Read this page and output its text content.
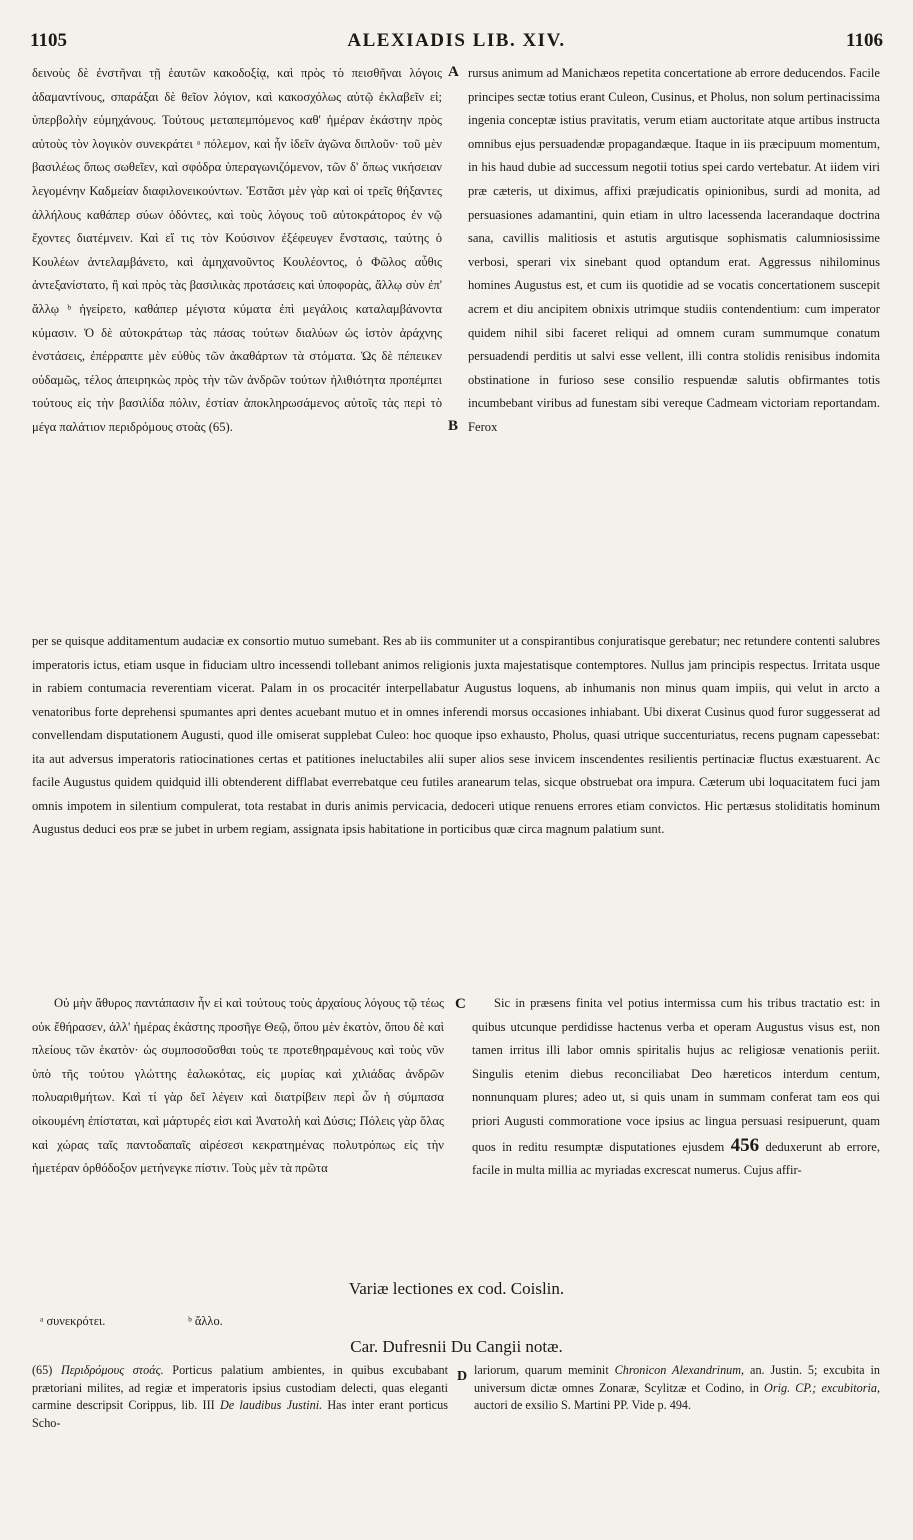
1105	ALEXIADIS LIB. XIV.	1106

δεινοὺς δὲ ἐνστῆναι τῇ ἑαυτῶν κακοδοξίᾳ, καὶ πρὸς τὸ πεισθῆναι λόγοις ἀδαμαντίνους, σπαράξαι δὲ θεῖον λόγιον, καὶ κακοσχόλως αὐτῷ ἐκλαβεῖν εἰ; ὑπερβολὴν εὐμηχάνους. Τούτους μεταπεμπόμενος καθ' ἡμέραν ἑκάστην πρὸς αὐτοὺς τὸν λογικὸν συνεκράτει ᵃ πόλεμον, καὶ ἦν ἰδεῖν ἀγῶνα διπλοῦν· τοῦ μὲν βασιλέως ὅπως σωθεῖεν, καὶ σφόδρα ὑπεραγωνιζόμενον, τῶν δ' ὅπως νικήσειαν λεγομένην Καδμείαν διαφιλονεικούντων. Ἐστᾶσι μὲν γὰρ καὶ οἱ τρεῖς θήξαντες ἀλλήλους καθάπερ σύων ὀδόντες, καὶ τοὺς λόγους τοῦ αὐτοκράτορος ἐν νῷ ἔχοντες διατέμνειν. Καὶ εἴ τις τὸν Κούσινον ἐξέφευγεν ἔνστασις, ταύτης ὁ Κουλέων ἀντελαμβάνετο, καὶ ἀμηχανοῦντος Κουλέοντος, ὁ Φῶλος αὖθις ἀντεξανίστατο, ἢ καὶ πρὸς τὰς βασιλικὰς προτάσεις καὶ ὑποφορὰς, ἄλλῳ σὺν ἐπ' ἄλλῳ ᵇ ἠγείρετο, καθάπερ μέγιστα κύματα ἐπὶ μεγάλοις καταλαμβάνοντα κύμασιν. Ὁ δὲ αὐτοκράτωρ τὰς πάσας τούτων διαλύων ὡς ἱστὸν ἀράχνης ἐνστάσεις, ἐπέρραπτε μὲν εὐθὺς τῶν ἀκαθάρτων τὰ στόματα. Ὡς δὲ πέπεικεν οὐδαμῶς, τέλος ἀπειρηκὼς πρὸς τὴν τῶν ἀνδρῶν τούτων ἠλιθιότητα προπέμπει τούτους εἰς τὴν βασιλίδα πόλιν, ἐστίαν ἀποκληρωσάμενος αὐτοῖς τὰς περὶ τὸ μέγα παλάτιον περιδρόμους στοὰς (65).

A
B

rursus animum ad Manichæos repetita concertatione ab errore deducendos. Facile principes sectæ totius erant Culeon, Cusinus, et Pholus, non solum pertinacissima ingenia conceptæ istius pravitatis, verum etiam auctoritate atque artibus instructa omnibus ejus persuadendæ propagandæque. Itaque in iis præcipuum momentum, in his haud dubie ad successum negotii totius spei cardo vertebatur. At iidem viri præ cæteris, ut diximus, affixi præjudicatis opinionibus, surdi ad monita, ad persuasiones adamantini, quin etiam in ultro lacessenda lacerandaque doctrina sana, cavillis malitiosis et astutis argutisque sophismatis calumniosissime verbosi, sperari vix sinebant quod optandum erat. Aggressus nihilominus homines Augustus est, et cum iis quotidie ad se vocatis concertationem suscepit acrem et diu ancipitem obnixis utrimque studiis contendentium: cum imperator quidem nihil sibi faceret reliqui ad omnem curam summumque conatum persuadendi perditis ut salvi esse vellent, illi contra stolidis renisibus indomita obstinatione in furioso sese consilio respuendæ salutis obfirmantes totis incumbebant viribus ad funestam sibi vereque Cadmeam victoriam reportandam. Ferox

per se quisque additamentum audaciæ ex consortio mutuo sumebant. Res ab iis communiter ut a conspirantibus conjuratisque gerebatur; nec retundere contenti salubres imperatoris ictus, etiam usque in fiduciam ultro incessendi tollebant animos religionis juxta majestatisque contemptores. Nullus jam principis respectus. Irritata usque in rabiem contumacia reverentiam vicerat. Palam in os procacitér interpellabatur Augustus loquens, ab inhumanis non minus quam impiis, qui velut in arcto a venatoribus forte deprehensi spumantes apri dentes acuebant mutuo et in omnes inferendi morsus occasiones inhiabant. Ubi dixerat Cusinus quod furor suggesserat ad convellendam disputationem Augusti, quod ille omiserat supplebat Culeo: hoc quoque ipso exhausto, Pholus, quasi utrique succenturiatus, recens pugnam capessebat: ita aut adversus imperatoris ratiocinationes certas et patitiones ineluctabiles alii super alios sese invicem inscendentes resilientis pertinaciæ fluctus exæstuarent. Ac facile Augustus quidem quidquid illi obtenderent difflabat everrebatque ceu futiles aranearum telas, sicque obstruebat ora impura. Cæterum ubi loquacitatem fuci jam omnis impotem in silentium compulerat, tota restabat in duris animis pervicacia, dedoceri utique renuens errores etiam convictos. Hic pertæsus stoliditatis hominum Augustus deduci eos præ se jubet in urbem regiam, assignata ipsis habitatione in porticibus quæ circa magnum palatium sunt.

C

Οὐ μὴν ἄθυρος παντάπασιν ἦν εἰ καὶ τούτους τοὺς ἀρχαίους λόγους τῷ τέως οὐκ ἔθήρασεν, ἀλλ' ἡμέρας ἑκάστης προσῆγε Θεῷ, ὅπου μὲν ἑκατὸν, ὅπου δὲ καὶ πλείους τῶν ἑκατὸν· ὡς συμποσοῦσθαι τοὺς τε προτεθηραμένους καὶ τοὺς νῦν ὑπὸ τῆς τούτου γλώττης ἑαλωκότας, εἰς μυρίας καὶ χιλιάδας ἀνδρῶν πολυαριθμήτων. Καὶ τί γὰρ δεῖ λέγειν καὶ διατρίβειν περὶ ὧν ἡ σύμπασα οἰκουμένη ἐπίσταται, καὶ μάρτυρές εἰσι καὶ Ἀνατολὴ καὶ Δύσις; Πόλεις γὰρ ὅλας καὶ χώρας ταῖς παντοδαπαῖς αἱρέσεσι κεκρατημένας πολυτρόπως εἰς τὴν ἡμετέραν ὀρθόδοξον μετήνεγκε πίστιν. Τοὺς μὲν τὰ πρῶτα

Sic in præsens finita vel potius intermissa cum his tribus tractatio est: in quibus utcunque perdidisse hactenus verba et operam Augustus visus est, non tamen irritus illi labor omnis spiritalis hujus ac religiosæ venationis periit. Singulis etenim diebus reconciliabat Deo hæreticos interdum centum, nonnunquam plures; adeo ut, si quis unam in summam conferat tam eos qui priori Augusti commoratione voce ipsius ac lingua persuasi resipuerunt, quam quos in reditu resumptæ disputationes ejusdem 456 deduxerunt ab errore, facile in multa millia ac myriadas excrescat numerus. Cujus affir-

Variæ lectiones ex cod. Coislin.
ᵃ συνεκρότει.	ᵇ ἄλλο.
Car. Dufresnii Du Cangii notæ.

(65) Περιδρόμους στοάς. Porticus palatium ambientes, in quibus excubabant prætoriani milites, ad regiæ et imperatoris ipsius custodiam delecti, quas eleganti carmine descripsit Corippus, lib. III De laudibus Justini. Has inter erant porticus Scho-

D lariorum, quarum meminit Chronicon Alexandrinum, an. Justin. 5; excubita in universum dictæ omnes Zonaræ, Scylitzæ et Codino, in Orig. CP.; excubitoria, auctori de exsilio S. Martini PP. Vide p. 494.
